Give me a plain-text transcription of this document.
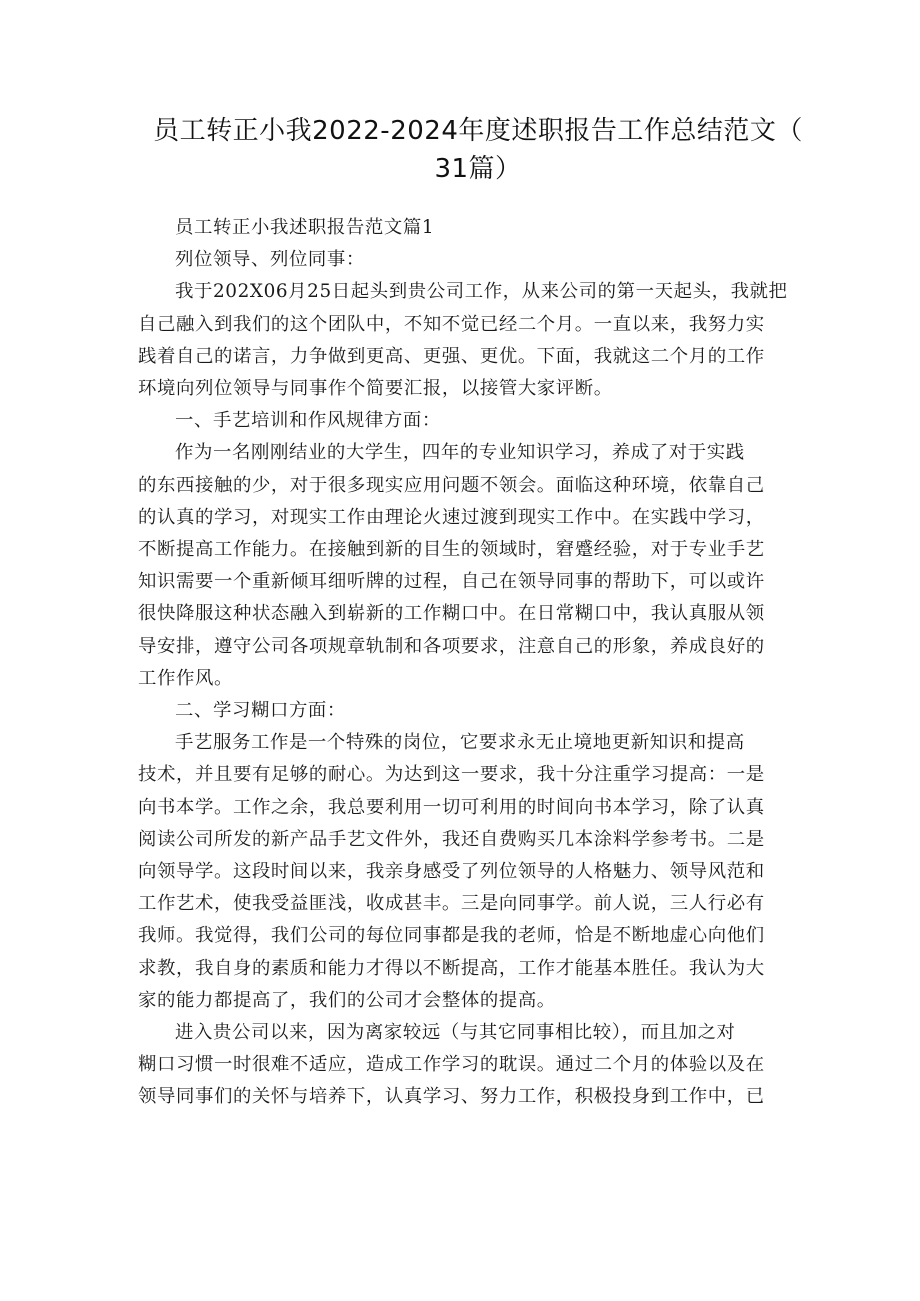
员工转正小我2022-2024年度述职报告工作总结范文（
31篇）

员工转正小我述职报告范文篇1

列位领导、列位同事：

我于202X06月25日起头到贵公司工作，从来公司的第一天起头，我就把
自己融入到我们的这个团队中，不知不觉已经二个月。一直以来，我努力实
践着自己的诺言，力争做到更高、更强、更优。下面，我就这二个月的工作
环境向列位领导与同事作个简要汇报，以接管大家评断。

一、手艺培训和作风规律方面：

作为一名刚刚结业的大学生，四年的专业知识学习，养成了对于实践
的东西接触的少，对于很多现实应用问题不领会。面临这种环境，依靠自己
的认真的学习，对现实工作由理论火速过渡到现实工作中。在实践中学习，
不断提高工作能力。在接触到新的目生的领域时，窘蹙经验，对于专业手艺
知识需要一个重新倾耳细听牌的过程，自己在领导同事的帮助下，可以或许
很快降服这种状态融入到崭新的工作糊口中。在日常糊口中，我认真服从领
导安排，遵守公司各项规章轨制和各项要求，注意自己的形象，养成良好的
工作作风。

二、学习糊口方面：

手艺服务工作是一个特殊的岗位，它要求永无止境地更新知识和提高
技术，并且要有足够的耐心。为达到这一要求，我十分注重学习提高：一是
向书本学。工作之余，我总要利用一切可利用的时间向书本学习，除了认真
阅读公司所发的新产品手艺文件外，我还自费购买几本涂料学参考书。二是
向领导学。这段时间以来，我亲身感受了列位领导的人格魅力、领导风范和
工作艺术，使我受益匪浅，收成甚丰。三是向同事学。前人说，三人行必有
我师。我觉得，我们公司的每位同事都是我的老师，恰是不断地虚心向他们
求教，我自身的素质和能力才得以不断提高，工作才能基本胜任。我认为大
家的能力都提高了，我们的公司才会整体的提高。

进入贵公司以来，因为离家较远（与其它同事相比较），而且加之对
糊口习惯一时很难不适应，造成工作学习的耽误。通过二个月的体验以及在
领导同事们的关怀与培养下，认真学习、努力工作，积极投身到工作中，已
